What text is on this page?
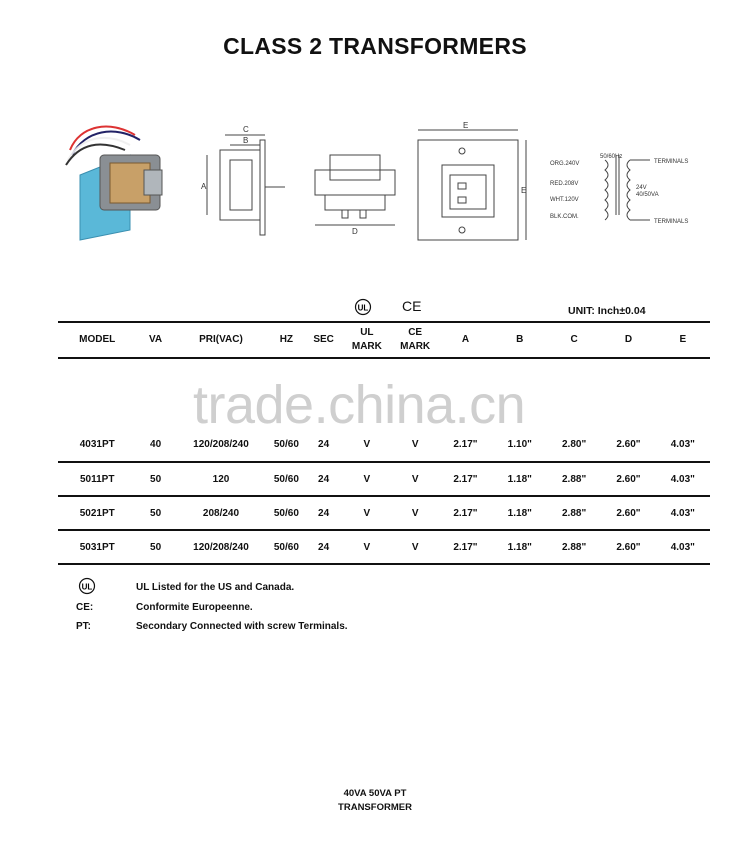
CLASS 2 TRANSFORMERS
C
B
A
D
E
E
50/60Hz
ORG.240V
RED.208V
WHT.120V
BLK.COM.
TERMINALS
24V
40/50VA
TERMINALS
UL CE	UNIT: Inch±0.04
trade.china.cn
MODEL	VA	PRI(VAC)	HZ	SEC	UL
MARK	CE
MARK	A	B	C	D	E

4031PT	40	120/208/240	50/60	24	V	V	2.17"	1.10"	2.80"	2.60"	4.03"
5011PT	50	120	50/60	24	V	V	2.17"	1.18"	2.88"	2.60"	4.03"
5021PT	50	208/240	50/60	24	V	V	2.17"	1.18"	2.88"	2.60"	4.03"
5031PT	50	120/208/240	50/60	24	V	V	2.17"	1.18"	2.88"	2.60"	4.03"
UL	UL Listed for the US and Canada.
CE:	Conformite Europeenne.
PT:	Secondary Connected with screw Terminals.
40VA 50VA PT
TRANSFORMER
